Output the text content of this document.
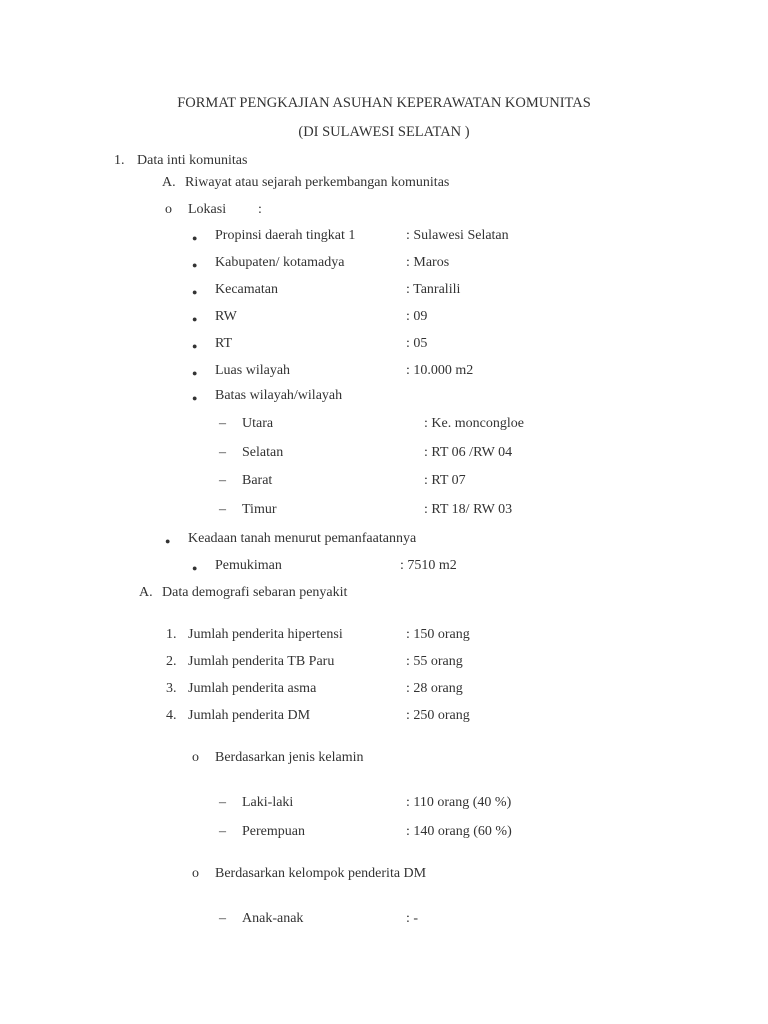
FORMAT PENGKAJIAN ASUHAN KEPERAWATAN KOMUNITAS
(DI SULAWESI SELATAN )
1. Data inti komunitas
A. Riwayat atau sejarah perkembangan komunitas
o Lokasi :
● Propinsi daerah tingkat 1	: Sulawesi Selatan
● Kabupaten/ kotamadya	: Maros
● Kecamatan	: Tanralili
● RW	: 09
● RT	: 05
● Luas wilayah	: 10.000 m2
● Batas wilayah/wilayah
– Utara	: Ke. moncongloe
– Selatan	: RT 06 /RW 04
– Barat	: RT 07
– Timur	: RT 18/ RW 03
● Keadaan tanah menurut pemanfaatannya
● Pemukiman	: 7510 m2
A. Data demografi sebaran penyakit
1. Jumlah penderita hipertensi	: 150 orang
2. Jumlah penderita TB Paru	: 55 orang
3. Jumlah penderita asma	: 28 orang
4. Jumlah penderita DM	: 250 orang
o Berdasarkan jenis kelamin
– Laki-laki	: 110 orang (40 %)
– Perempuan	: 140 orang (60 %)
o Berdasarkan kelompok penderita DM
– Anak-anak	: -
